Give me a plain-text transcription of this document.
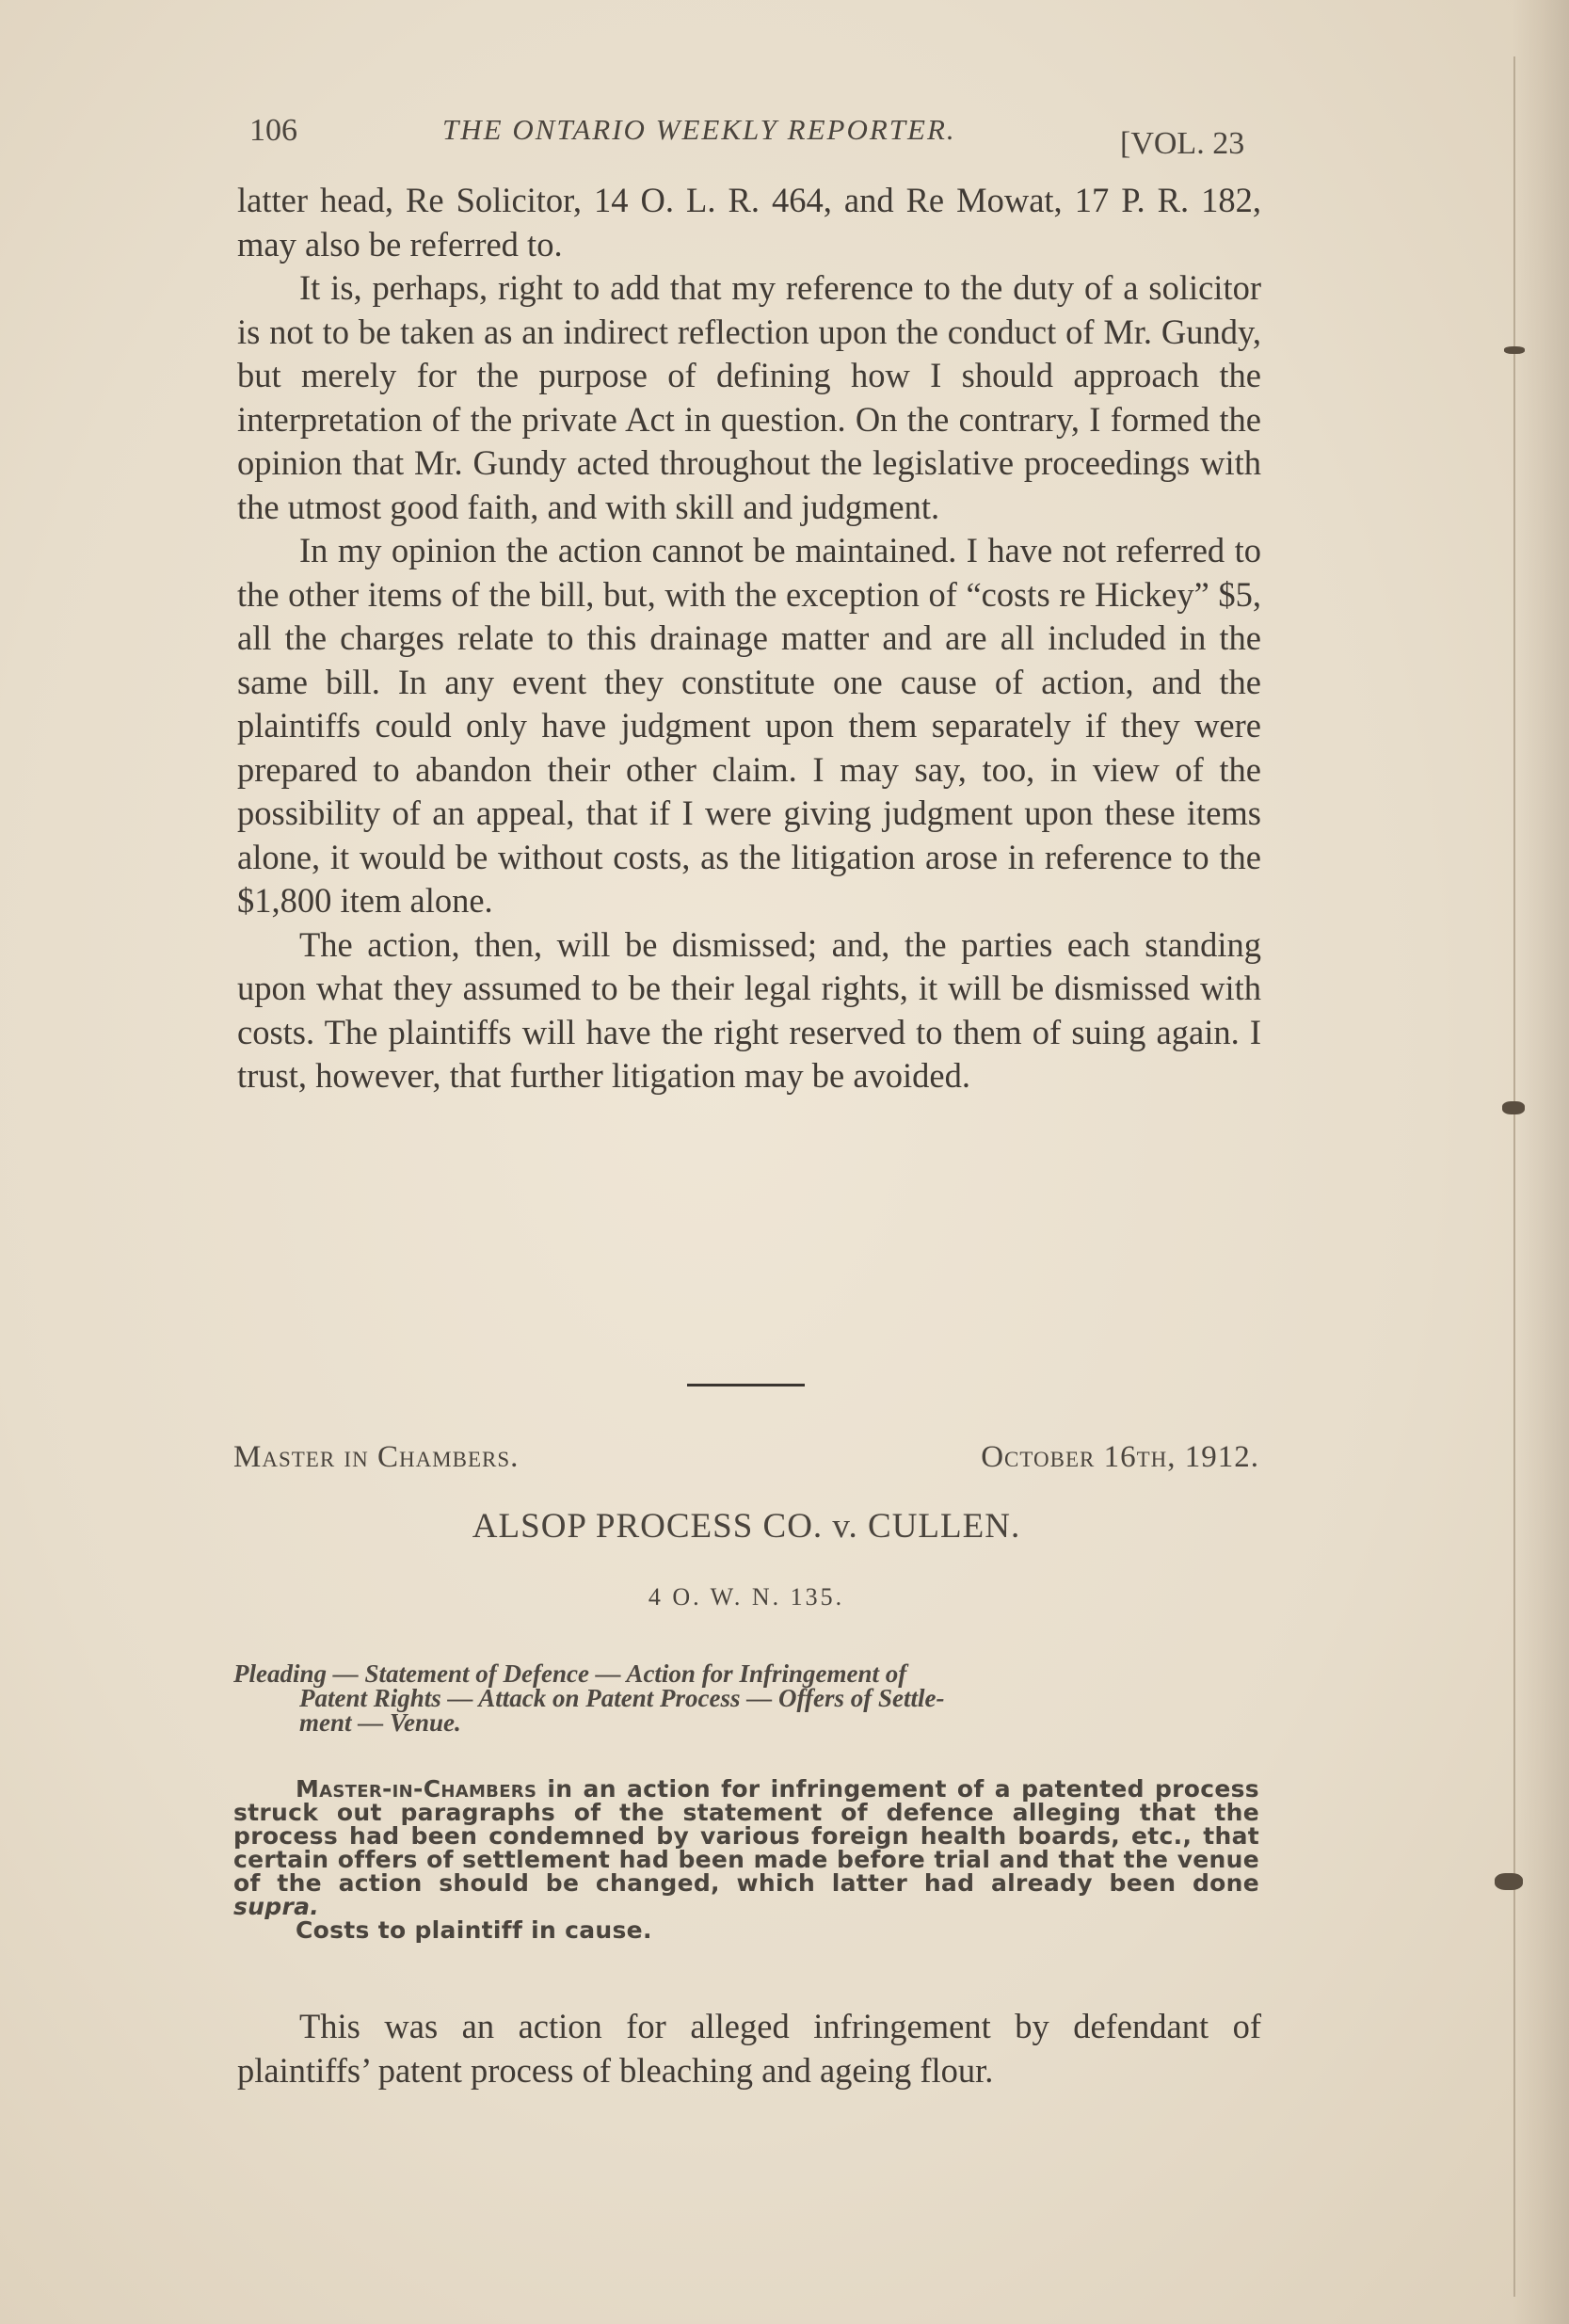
106	THE ONTARIO WEEKLY REPORTER.	[VOL. 23

latter head, Re Solicitor, 14 O. L. R. 464, and Re Mowat, 17 P. R. 182, may also be referred to.

It is, perhaps, right to add that my reference to the duty of a solicitor is not to be taken as an indirect reflection upon the conduct of Mr. Gundy, but merely for the purpose of defining how I should approach the interpretation of the private Act in question. On the contrary, I formed the opinion that Mr. Gundy acted throughout the legislative proceedings with the utmost good faith, and with skill and judgment.

In my opinion the action cannot be maintained. I have not referred to the other items of the bill, but, with the exception of “costs re Hickey” $5, all the charges relate to this drainage matter and are all included in the same bill. In any event they constitute one cause of action, and the plaintiffs could only have judgment upon them separately if they were prepared to abandon their other claim. I may say, too, in view of the possibility of an appeal, that if I were giving judgment upon these items alone, it would be without costs, as the litigation arose in reference to the $1,800 item alone.

The action, then, will be dismissed; and, the parties each standing upon what they assumed to be their legal rights, it will be dismissed with costs. The plaintiffs will have the right reserved to them of suing again. I trust, however, that further litigation may be avoided.

Master in Chambers.	October 16th, 1912.
ALSOP PROCESS CO. v. CULLEN.
4 O. W. N. 135.
Pleading — Statement of Defence — Action for Infringement of
Patent Rights — Attack on Patent Process — Offers of Settle-
ment — Venue.

Master-in-Chambers in an action for infringement of a patented process struck out paragraphs of the statement of defence alleging that the process had been condemned by various foreign health boards, etc., that certain offers of settlement had been made before trial and that the venue of the action should be changed, which latter had already been done supra.

Costs to plaintiff in cause.

This was an action for alleged infringement by defendant of plaintiffs’ patent process of bleaching and ageing flour.
